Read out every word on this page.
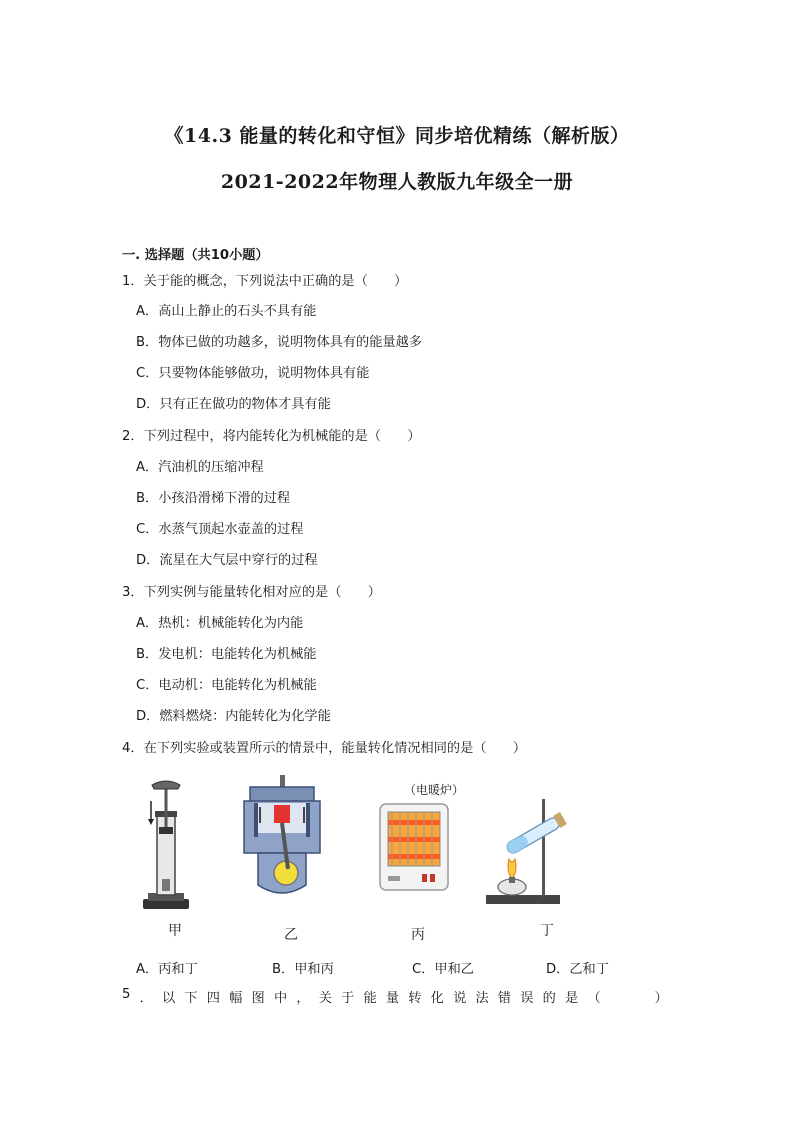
《14.3 能量的转化和守恒》同步培优精练（解析版）
2021-2022年物理人教版九年级全一册
一. 选择题（共10小题）
1．关于能的概念，下列说法中正确的是（　　）
A．高山上静止的石头不具有能
B．物体已做的功越多，说明物体具有的能量越多
C．只要物体能够做功，说明物体具有能
D．只有正在做功的物体才具有能
2．下列过程中，将内能转化为机械能的是（　　）
A．汽油机的压缩冲程
B．小孩沿滑梯下滑的过程
C．水蒸气顶起水壶盖的过程
D．流星在大气层中穿行的过程
3．下列实例与能量转化相对应的是（　　）
A．热机：机械能转化为内能
B．发电机：电能转化为机械能
C．电动机：电能转化为机械能
D．燃料燃烧：内能转化为化学能
4．在下列实验或装置所示的情景中，能量转化情况相同的是（　　）
（电暖炉）
甲	乙	丙	丁
A．丙和丁	B．甲和丙	C．甲和乙	D．乙和丁
5 ． 以 下 四 幅 图 中 ， 关 于 能 量 转 化 说 法 错 误 的 是 （

　	）
